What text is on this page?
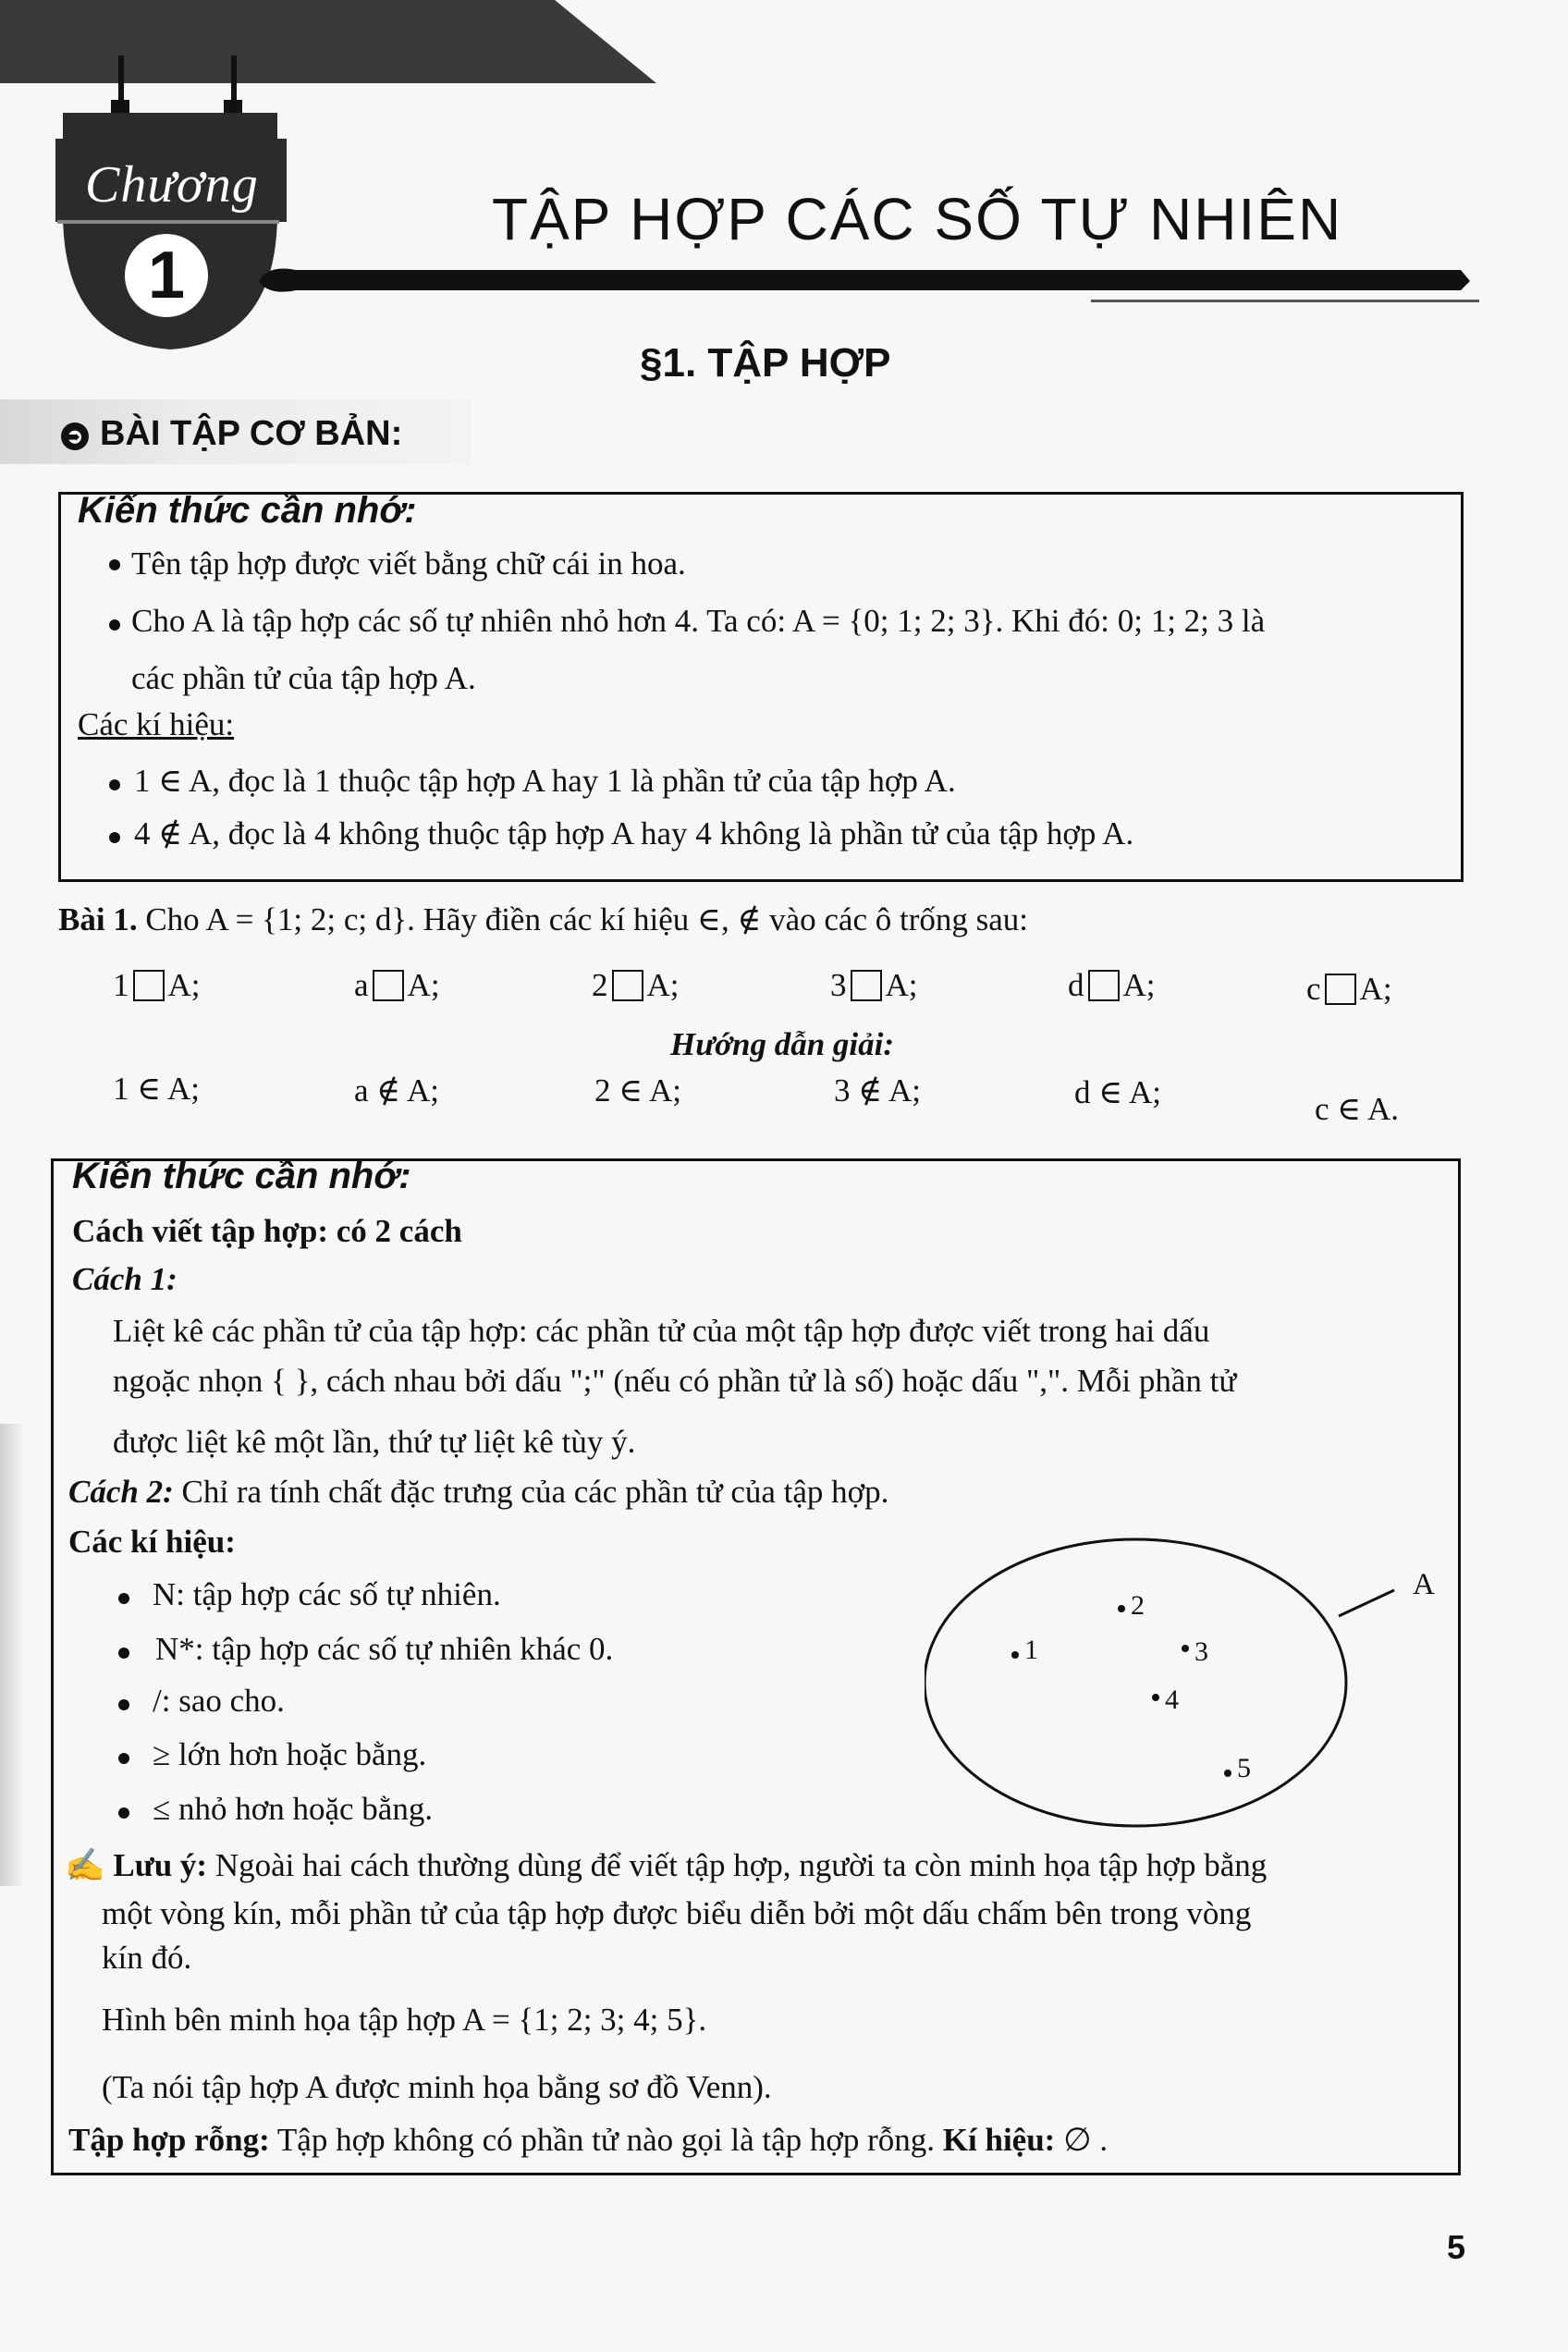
Chương
1
TẬP HỢP CÁC SỐ TỰ NHIÊN
§1. TẬP HỢP
➲ BÀI TẬP CƠ BẢN:
Kiến thức cần nhớ:
Tên tập hợp được viết bằng chữ cái in hoa.
Cho A là tập hợp các số tự nhiên nhỏ hơn 4. Ta có: A = {0; 1; 2; 3}. Khi đó: 0; 1; 2; 3 là
các phần tử của tập hợp A.
Các kí hiệu:
1 ∈ A, đọc là 1 thuộc tập hợp A hay 1 là phần tử của tập hợp A.
4 ∉ A, đọc là 4 không thuộc tập hợp A hay 4 không là phần tử của tập hợp A.
Bài 1. Cho A = {1; 2; c; d}. Hãy điền các kí hiệu ∈, ∉ vào các ô trống sau:
1 A;	a A;	2 A;	3 A;	d A;	c A;
Hướng dẫn giải:
1 ∈ A;	a ∉ A;	2 ∈ A;	3 ∉ A;	d ∈ A;	c ∈ A.
Kiến thức cần nhớ:
Cách viết tập hợp: có 2 cách
Cách 1:
Liệt kê các phần tử của tập hợp: các phần tử của một tập hợp được viết trong hai dấu
ngoặc nhọn { }, cách nhau bởi dấu ";" (nếu có phần tử là số) hoặc dấu ",". Mỗi phần tử
được liệt kê một lần, thứ tự liệt kê tùy ý.
Cách 2: Chỉ ra tính chất đặc trưng của các phần tử của tập hợp.
Các kí hiệu:
N: tập hợp các số tự nhiên.
N*: tập hợp các số tự nhiên khác 0.
/: sao cho.
≥ lớn hơn hoặc bằng.
≤ nhỏ hơn hoặc bằng.
A
1
2
3
4
5
✍ Lưu ý: Ngoài hai cách thường dùng để viết tập hợp, người ta còn minh họa tập hợp bằng
một vòng kín, mỗi phần tử của tập hợp được biểu diễn bởi một dấu chấm bên trong vòng
kín đó.
Hình bên minh họa tập hợp A = {1; 2; 3; 4; 5}.
(Ta nói tập hợp A được minh họa bằng sơ đồ Venn).
Tập hợp rỗng: Tập hợp không có phần tử nào gọi là tập hợp rỗng. Kí hiệu: ∅ .
5
